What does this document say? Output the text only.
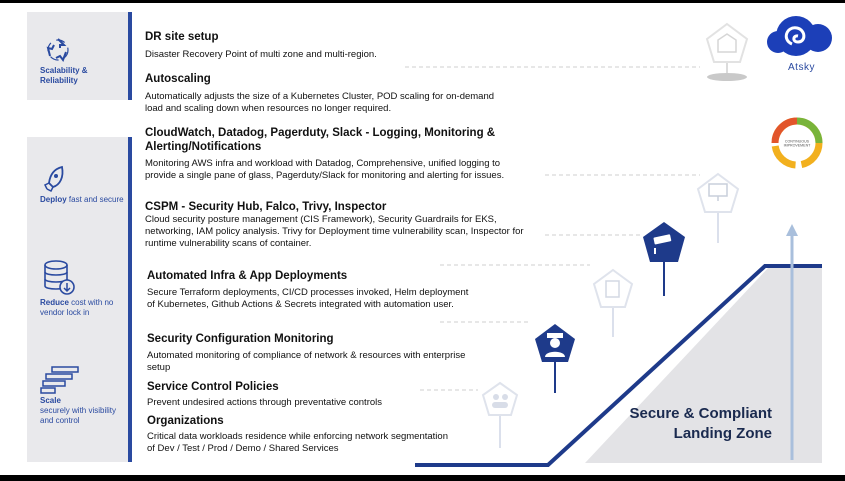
Scalability &
Reliability
Deploy fast and secure
Reduce cost with no vendor lock in
Scale
securely with visibility and control
Atsky
CONTINUOUS
IMPROVEMENT
DR site setup
Disaster Recovery Point of multi zone and multi-region.
Autoscaling
Automatically adjusts the size of a Kubernetes Cluster, POD scaling for on-demand load and scaling down when resources no longer required.
CloudWatch, Datadog, Pagerduty, Slack - Logging, Monitoring & Alerting/Notifications
Monitoring AWS infra and workload with Datadog, Comprehensive, unified logging to provide a single pane of glass, Pagerduty/Slack for monitoring and alerting for issues.
CSPM - Security Hub, Falco, Trivy, Inspector
Cloud security posture management (CIS Framework), Security Guardrails for EKS, networking, IAM policy analysis. Trivy for Deployment time vulnerability scan, Inspector for runtime vulnerability scans of container.
Automated Infra & App Deployments
Secure Terraform deployments, CI/CD processes invoked, Helm deployment of Kubernetes, Github Actions & Secrets integrated with automation user.
Security Configuration Monitoring
Automated monitoring of compliance of network & resources with enterprise setup
Service Control Policies
Prevent undesired actions through preventative controls
Organizations
Critical data workloads residence while enforcing network segmentation of Dev / Test / Prod / Demo / Shared Services
Secure & Compliant
Landing Zone
